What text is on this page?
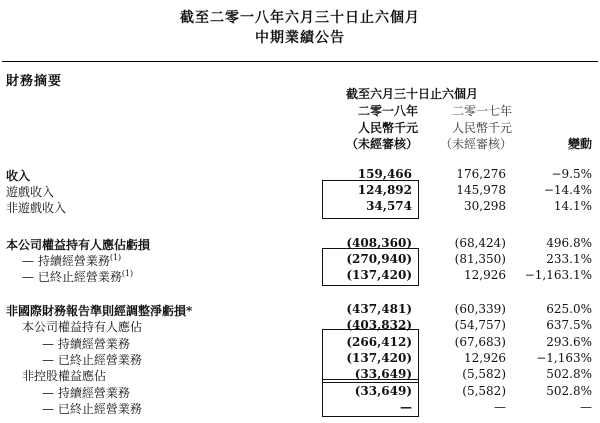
截至二零一八年六月三十日止六個月
中期業績公告
財務摘要
截至六月三十日止六個月
二零一八年
人民幣千元
（未經審核）
二零一七年
人民幣千元
（未經審核）	變動
收入	159,466	176,276	−9.5%
遊戲收入	124,892	145,978	−14.4%
非遊戲收入	34,574	30,298	14.1%
本公司權益持有人應佔虧損	(408,360)	(68,424)	496.8%
— 持續經營業務$^{(1)}$	(270,940)	(81,350)	233.1%
— 已終止經營業務$^{(1)}$	(137,420)	12,926	−1,163.1%
非國際財務報告準則經調整淨虧損*	(437,481)	(60,339)	625.0%
本公司權益持有人應佔	(403,832)	(54,757)	637.5%
— 持續經營業務	(266,412)	(67,683)	293.6%
— 已終止經營業務	(137,420)	12,926	−1,163%
非控股權益應佔	(33,649)	(5,582)	502.8%
— 持續經營業務	(33,649)	(5,582)	502.8%
— 已終止經營業務	—	—	—
